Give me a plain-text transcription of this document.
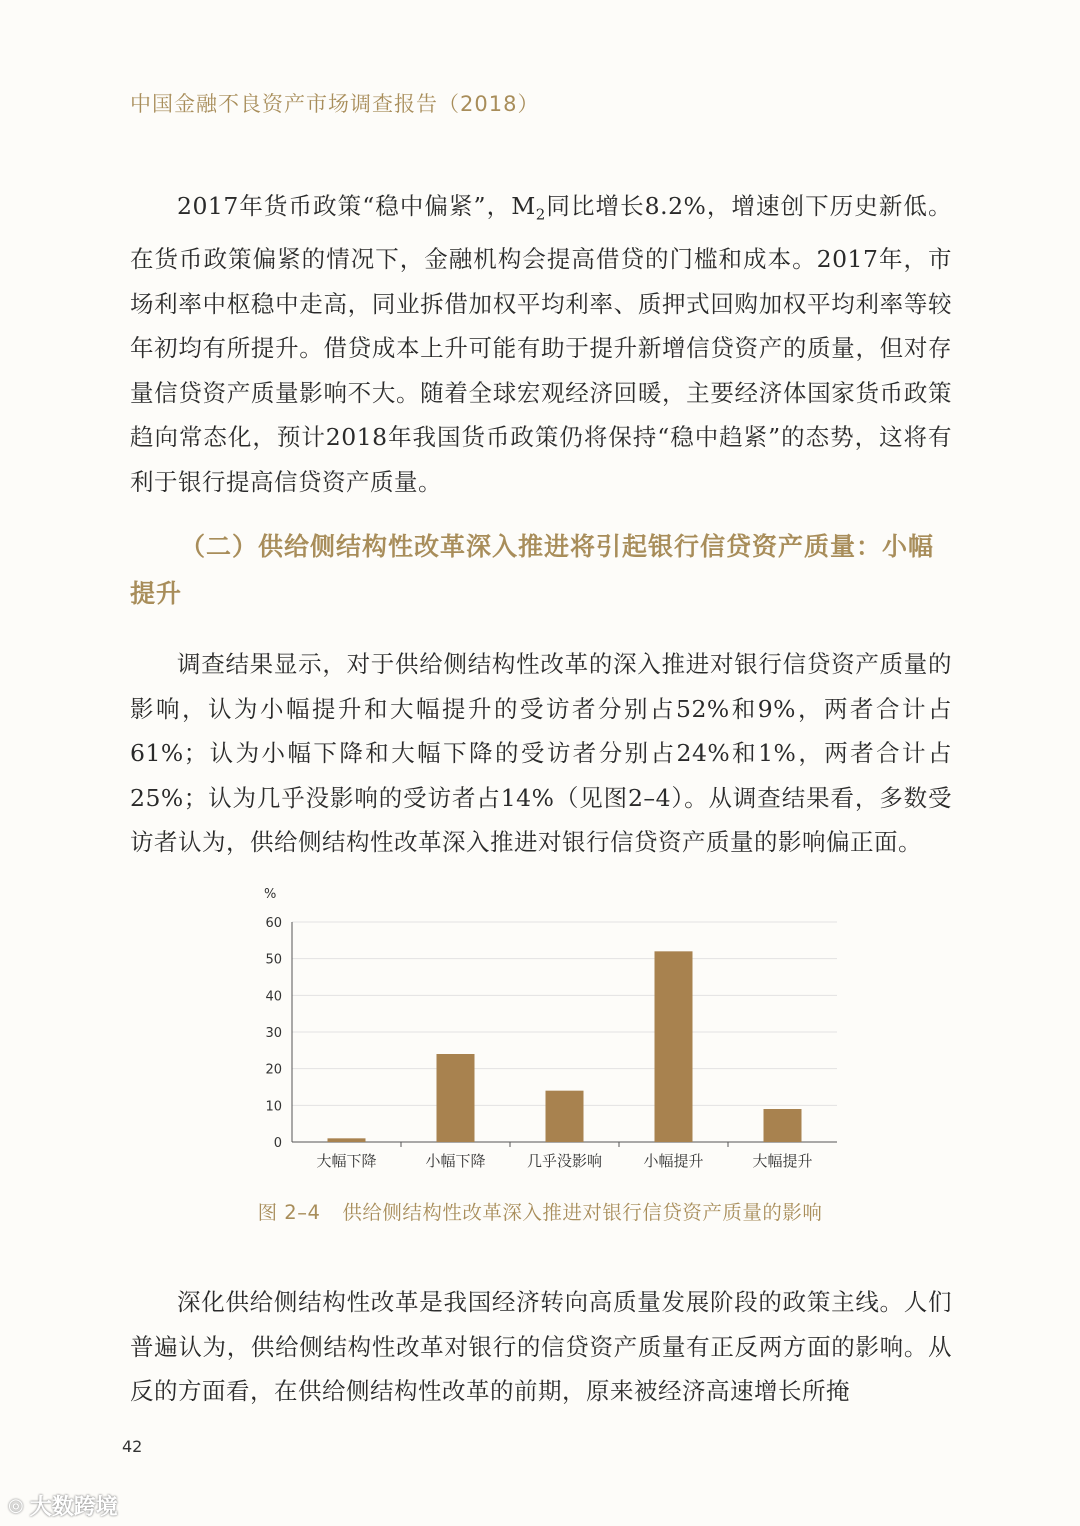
中国金融不良资产市场调查报告（2018）

2017年货币政策“稳中偏紧”，$M_2$同比增长8.2%，增速创下历史新低。在货币政策偏紧的情况下，金融机构会提高借贷的门槛和成本。2017年，市场利率中枢稳中走高，同业拆借加权平均利率、质押式回购加权平均利率等较年初均有所提升。借贷成本上升可能有助于提升新增信贷资产的质量，但对存量信贷资产质量影响不大。随着全球宏观经济回暖，主要经济体国家货币政策趋向常态化，预计2018年我国货币政策仍将保持“稳中趋紧”的态势，这将有利于银行提高信贷资产质量。

（二）供给侧结构性改革深入推进将引起银行信贷资产质量：小幅提升

调查结果显示，对于供给侧结构性改革的深入推进对银行信贷资产质量的影响，认为小幅提升和大幅提升的受访者分别占52%和9%，两者合计占61%；认为小幅下降和大幅下降的受访者分别占24%和1%，两者合计占25%；认为几乎没影响的受访者占14%（见图2–4）。从调查结果看，多数受访者认为，供给侧结构性改革深入推进对银行信贷资产质量的影响偏正面。

%
0
10
20
30
40
50
60
大幅下降	小幅下降	几乎没影响	小幅提升	大幅提升
图 2–4 供给侧结构性改革深入推进对银行信贷资产质量的影响

深化供给侧结构性改革是我国经济转向高质量发展阶段的政策主线。人们普遍认为，供给侧结构性改革对银行的信贷资产质量有正反两方面的影响。从反的方面看，在供给侧结构性改革的前期，原来被经济高速增长所掩

42
◎ 大数跨境
